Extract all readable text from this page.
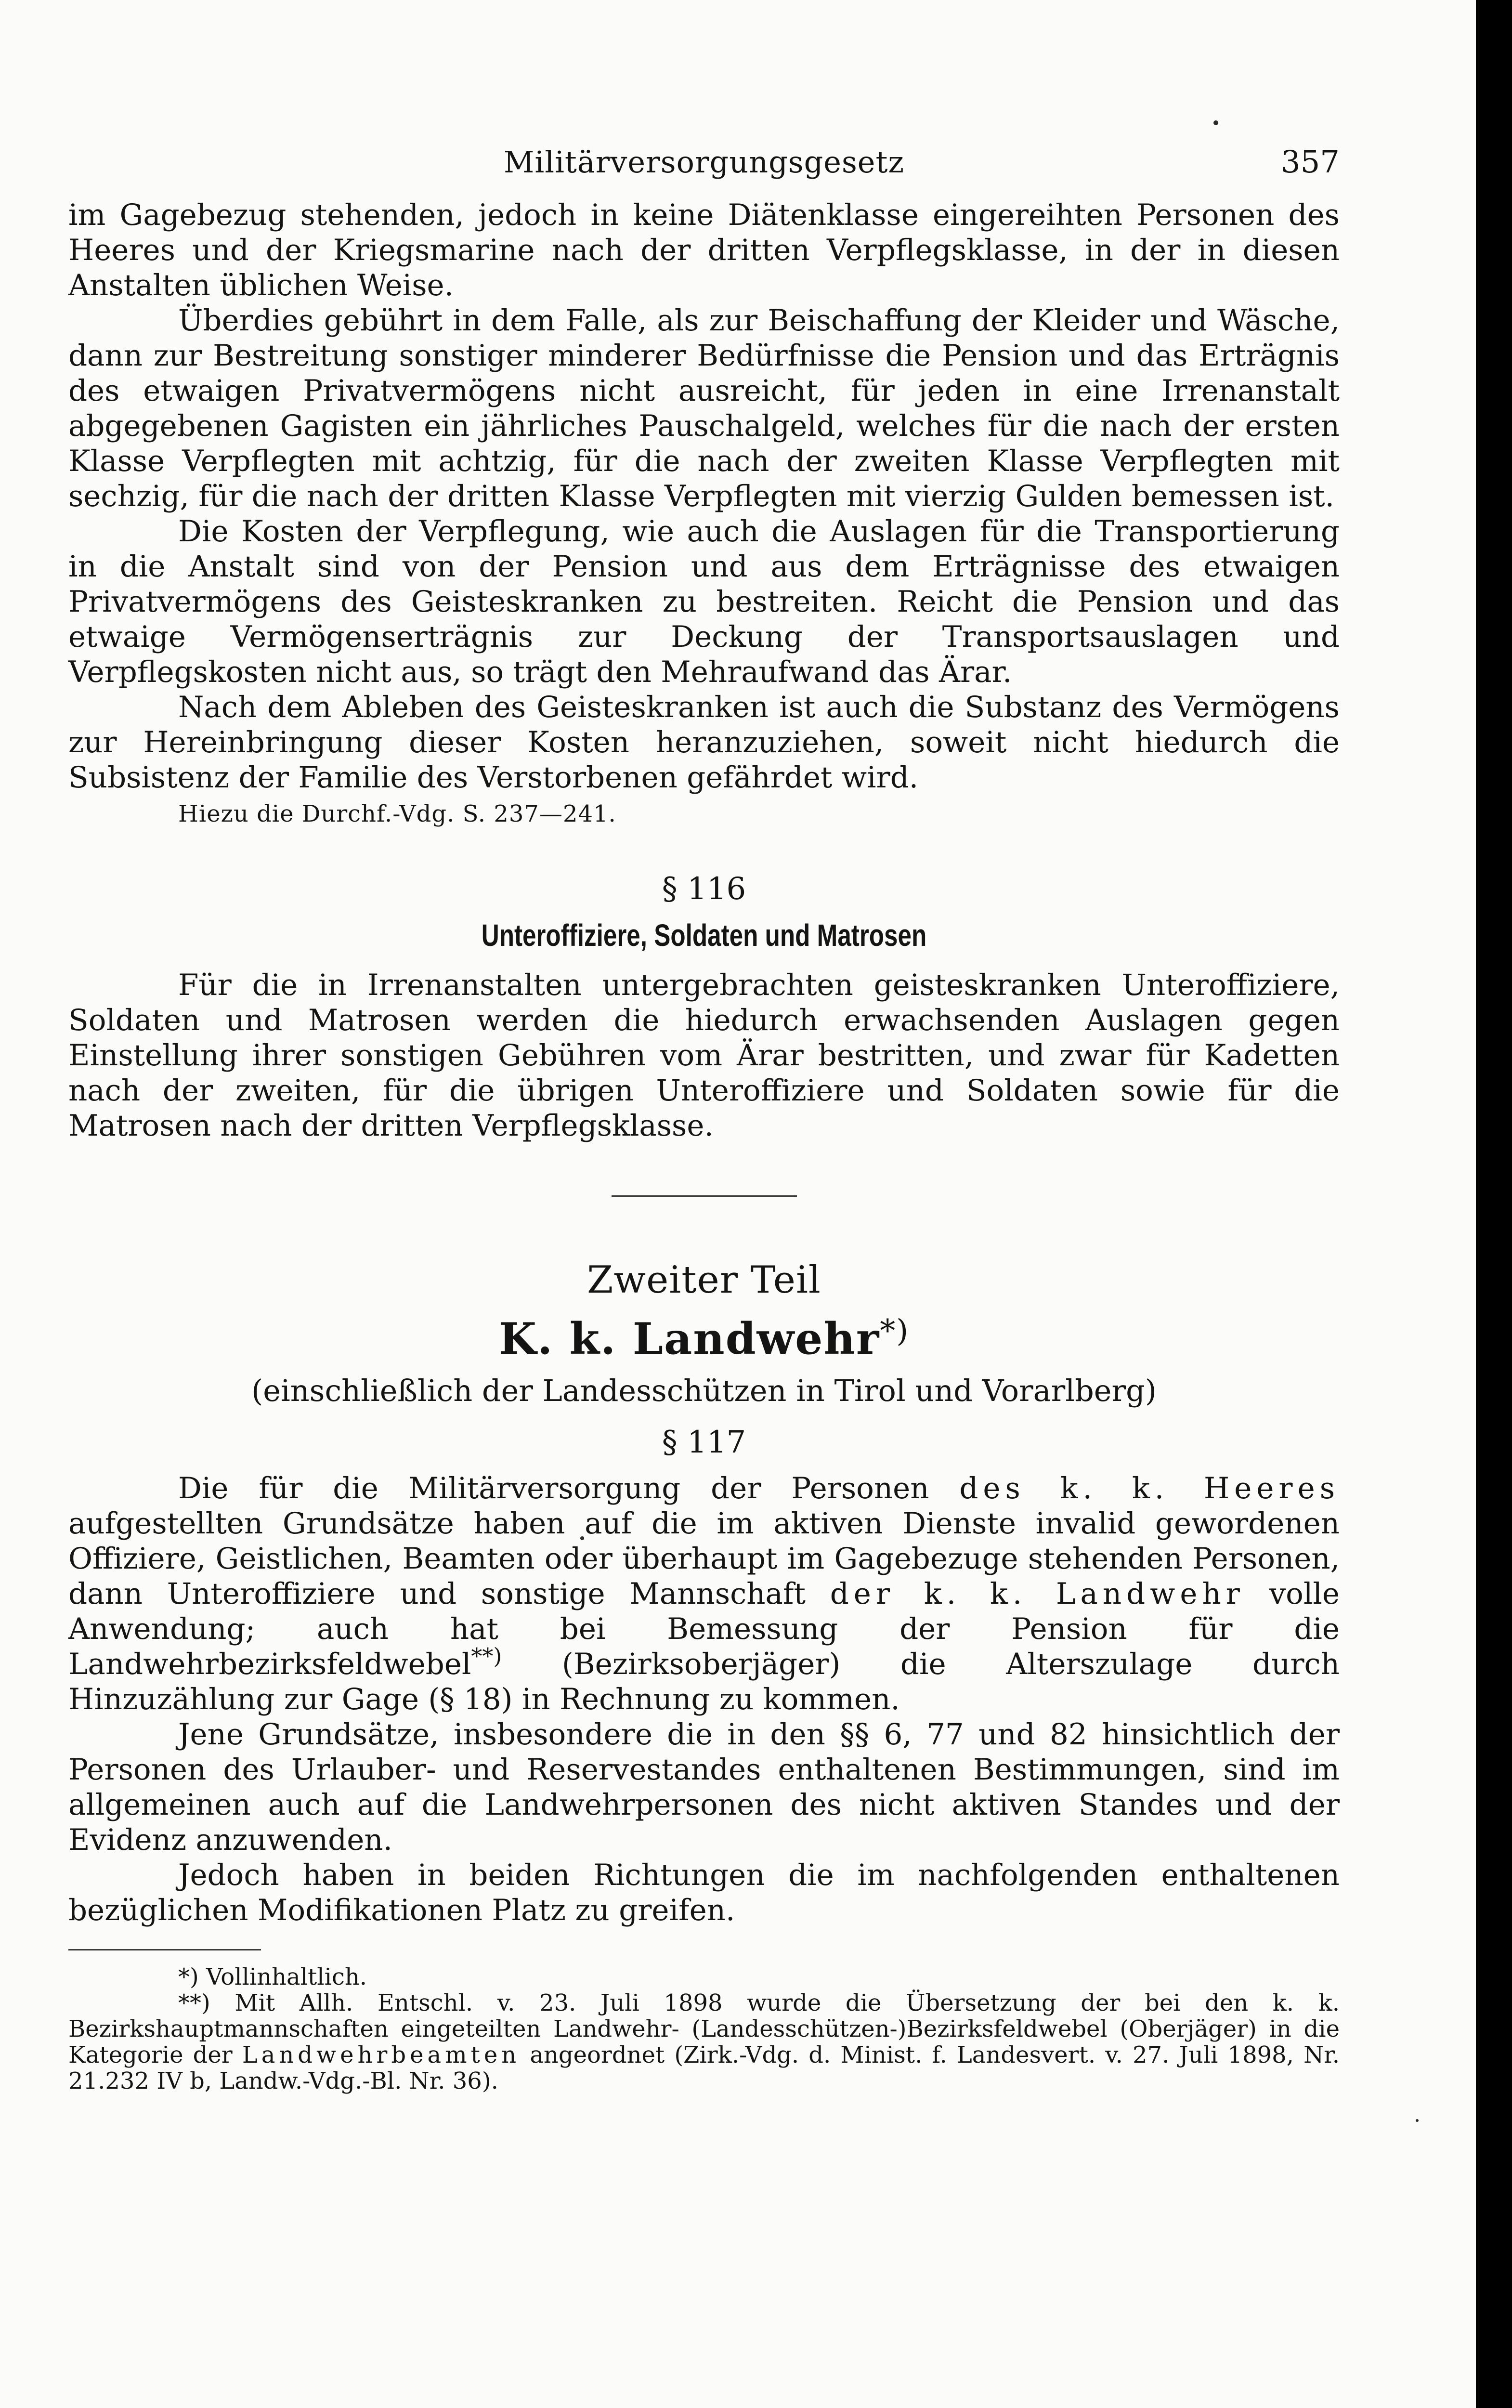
Militärversorgungsgesetz	357

im Gagebezug stehenden, jedoch in keine Diätenklasse eingereihten Personen des Heeres und der Kriegsmarine nach der dritten Verpflegsklasse, in der in diesen Anstalten üblichen Weise.

Überdies gebührt in dem Falle, als zur Beischaffung der Kleider und Wäsche, dann zur Bestreitung sonstiger minderer Bedürfnisse die Pension und das Erträgnis des etwaigen Privatvermögens nicht ausreicht, für jeden in eine Irrenanstalt abgegebenen Gagisten ein jährliches Pauschalgeld, welches für die nach der ersten Klasse Verpflegten mit achtzig, für die nach der zweiten Klasse Verpflegten mit sechzig, für die nach der dritten Klasse Verpflegten mit vierzig Gulden bemessen ist.

Die Kosten der Verpflegung, wie auch die Auslagen für die Transportierung in die Anstalt sind von der Pension und aus dem Erträgnisse des etwaigen Privatvermögens des Geisteskranken zu bestreiten. Reicht die Pension und das etwaige Vermögenserträgnis zur Deckung der Transportsauslagen und Verpflegskosten nicht aus, so trägt den Mehraufwand das Ärar.

Nach dem Ableben des Geisteskranken ist auch die Substanz des Vermögens zur Hereinbringung dieser Kosten heranzuziehen, soweit nicht hiedurch die Subsistenz der Familie des Verstorbenen gefährdet wird.

Hiezu die Durchf.-Vdg. S. 237—241.

§ 116
Unteroffiziere, Soldaten und Matrosen

Für die in Irrenanstalten untergebrachten geisteskranken Unteroffiziere, Soldaten und Matrosen werden die hiedurch erwachsenden Auslagen gegen Einstellung ihrer sonstigen Gebühren vom Ärar bestritten, und zwar für Kadetten nach der zweiten, für die übrigen Unteroffiziere und Soldaten sowie für die Matrosen nach der dritten Verpflegsklasse.

Zweiter Teil
K. k. Landwehr*)
(einschließlich der Landesschützen in Tirol und Vorarlberg)
§ 117

Die für die Militärversorgung der Personen des k. k. Heeres aufgestellten Grundsätze haben auf die im aktiven Dienste invalid gewordenen Offiziere, Geistlichen, Beamten oder überhaupt im Gagebezuge stehenden Personen, dann Unteroffiziere und sonstige Mannschaft der k. k. Landwehr volle Anwendung; auch hat bei Bemessung der Pension für die Landwehrbezirksfeldwebel**) (Bezirksoberjäger) die Alterszulage durch Hinzuzählung zur Gage (§ 18) in Rechnung zu kommen.

Jene Grundsätze, insbesondere die in den §§ 6, 77 und 82 hinsichtlich der Personen des Urlauber- und Reservestandes enthaltenen Bestimmungen, sind im allgemeinen auch auf die Landwehrpersonen des nicht aktiven Standes und der Evidenz anzuwenden.

Jedoch haben in beiden Richtungen die im nachfolgenden enthaltenen bezüglichen Modifikationen Platz zu greifen.

*) Vollinhaltlich.

**) Mit Allh. Entschl. v. 23. Juli 1898 wurde die Übersetzung der bei den k. k. Bezirkshauptmannschaften eingeteilten Landwehr- (Landesschützen-)Bezirksfeldwebel (Oberjäger) in die Kategorie der Landwehrbeamten angeordnet (Zirk.-Vdg. d. Minist. f. Landesvert. v. 27. Juli 1898, Nr. 21.232 IV b, Landw.-Vdg.-Bl. Nr. 36).
